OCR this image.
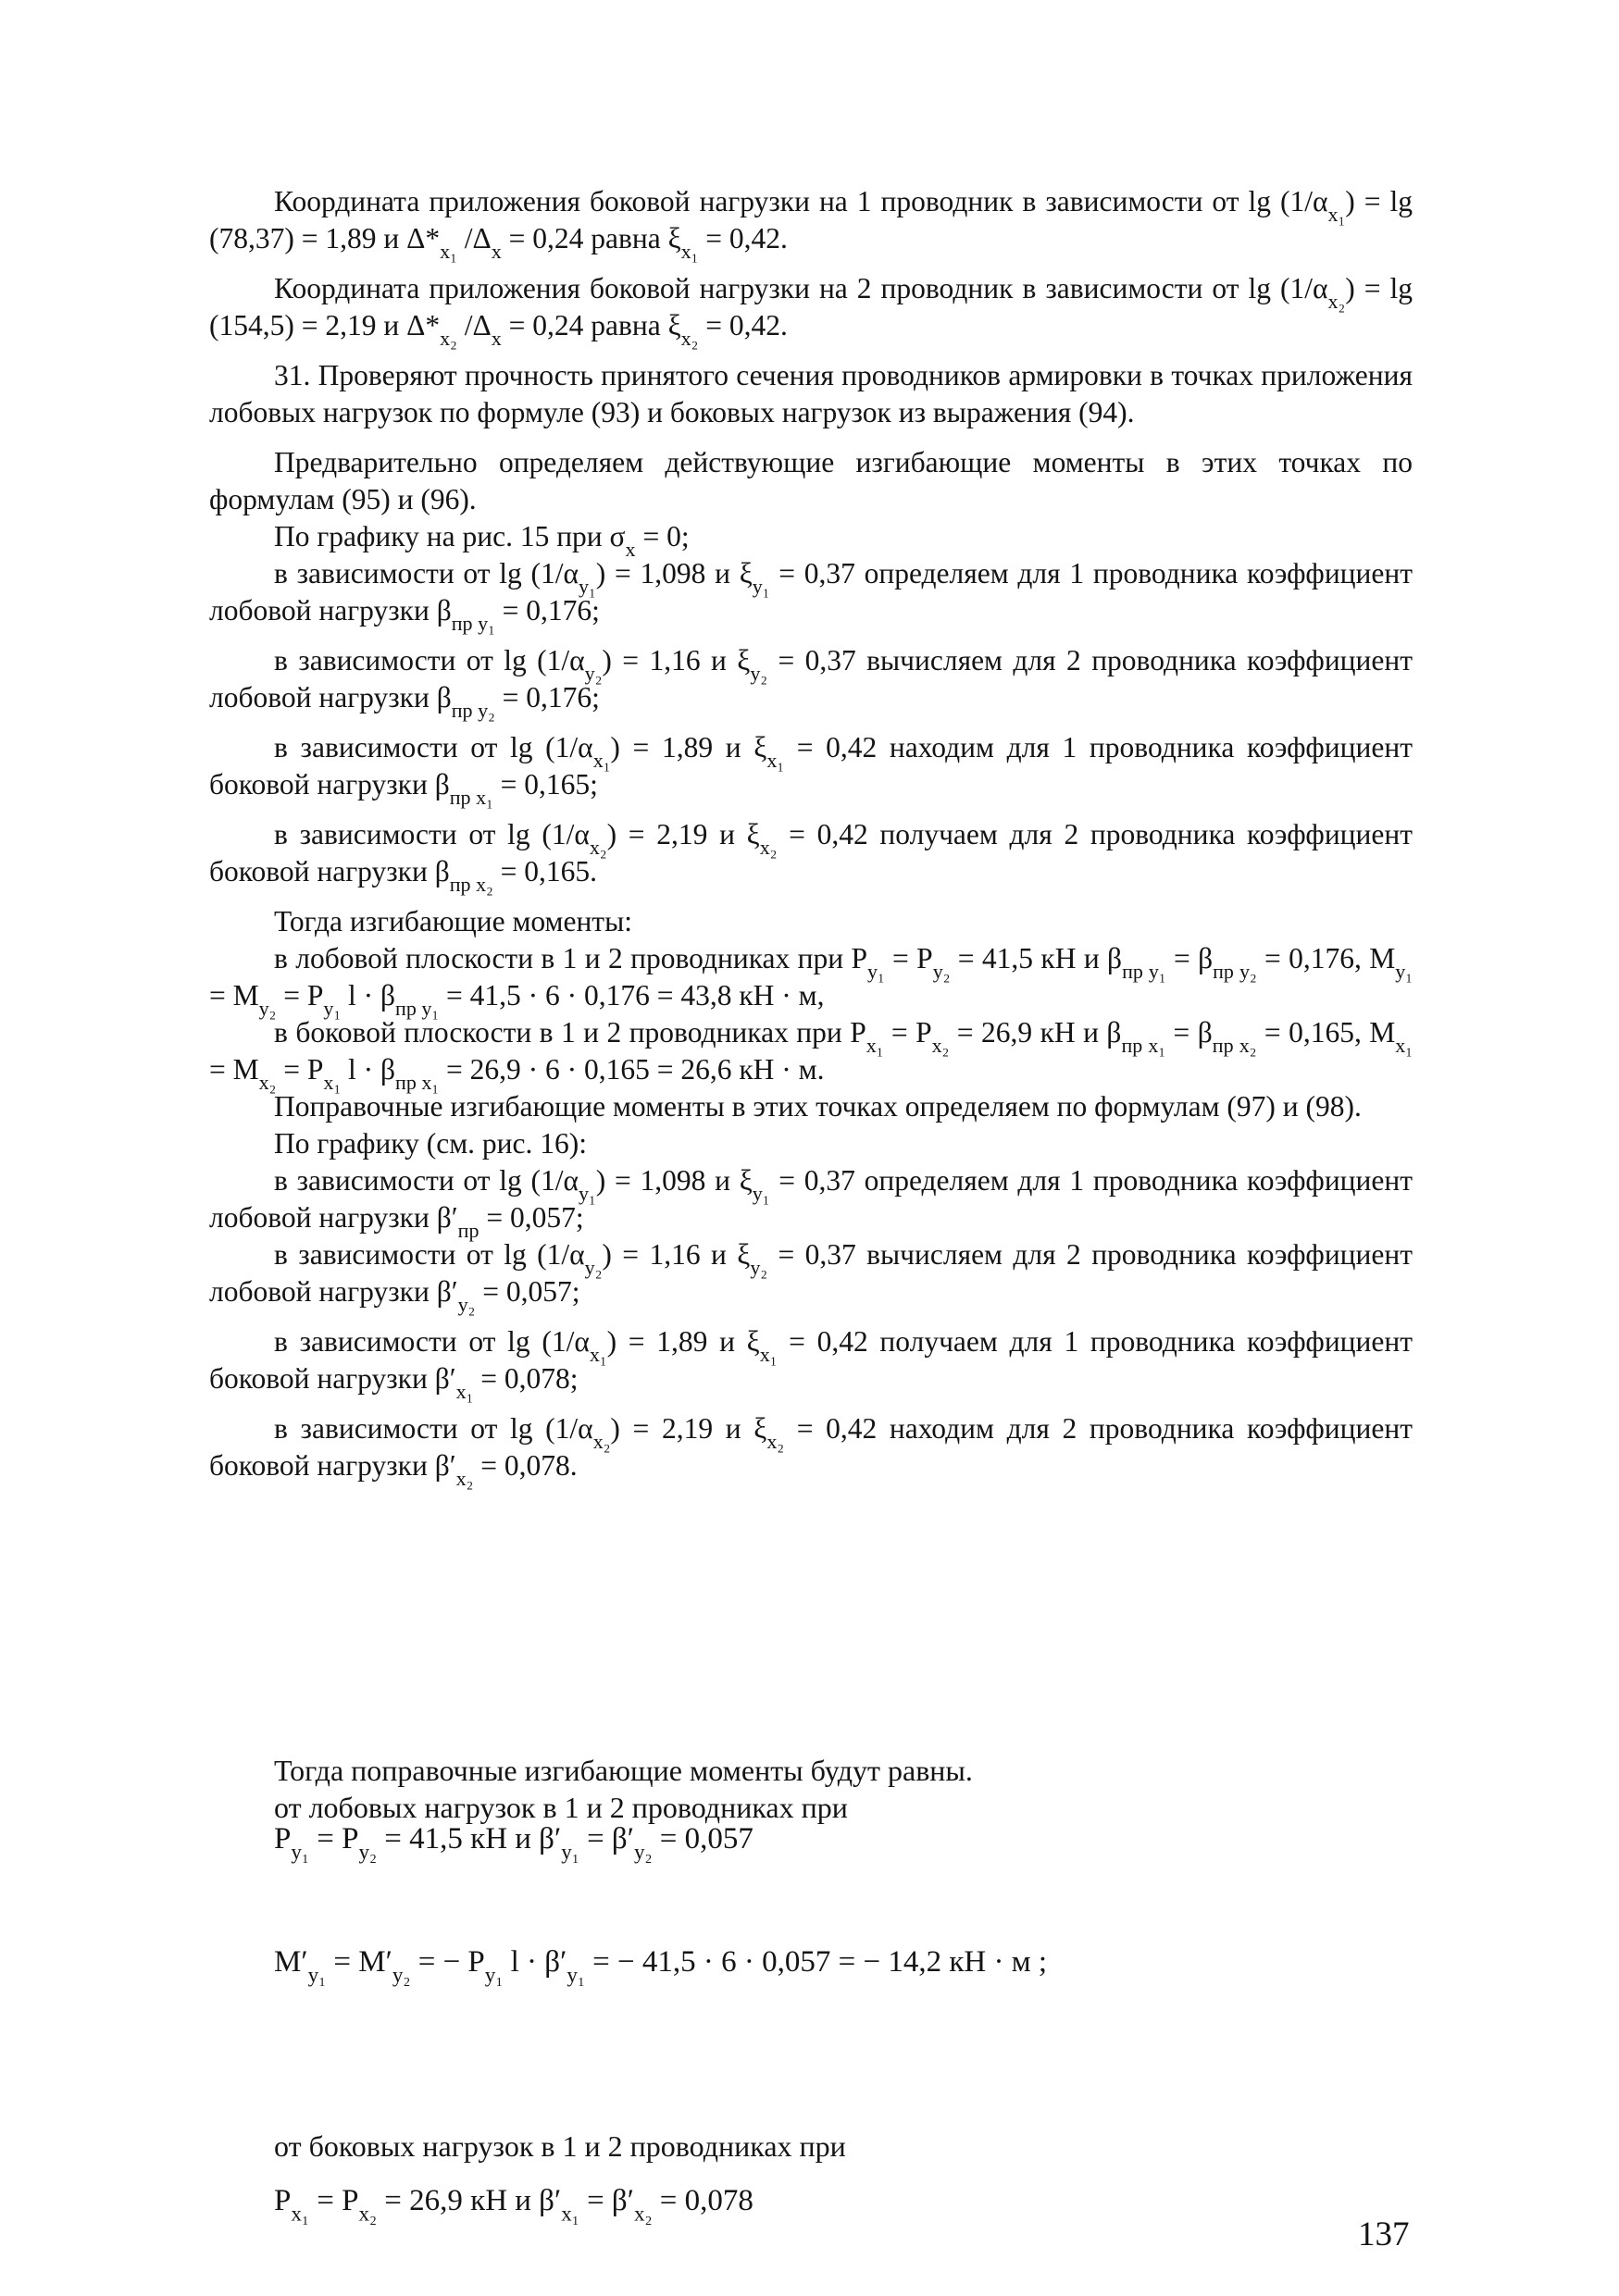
Координата приложения боковой нагрузки на 1 проводник в зависимости от $\lg (1/\alpha_{x_1}) = \lg (78,37) = 1,89$ и $\Delta*_{x_1}$ $/\Delta_x = 0,24$ равна $\xi_{x_1} = 0,42$.

Координата приложения боковой нагрузки на 2 проводник в зависимости от $\lg (1/\alpha_{x_2}) = \lg (154,5) = 2,19$ и $\Delta*_{x_2}$ $/\Delta_x = 0,24$ равна $\xi_{x_2} = 0,42$.

31. Проверяют прочность принятого сечения проводников армировки в точках приложения лобовых нагрузок по формуле (93) и боковых нагрузок из выражения (94).

Предварительно определяем действующие изгибающие моменты в этих точках по формулам (95) и (96).

По графику на рис. 15 при $\sigma_x = 0$;

в зависимости от $\lg (1/\alpha_{y_1}) = 1,098$ и $\xi_{y_1} = 0,37$ определяем для 1 проводника коэффициент лобовой нагрузки $\beta_{пр y_1} = 0,176$;

в зависимости от $\lg (1/\alpha_{y_2}) = 1,16$ и $\xi_{y_2} = 0,37$ вычисляем для 2 проводника коэффициент лобовой нагрузки $\beta_{пр y_2} = 0,176$;

в зависимости от $\lg (1/\alpha_{x_1}) = 1,89$ и $\xi_{x_1} = 0,42$ находим для 1 проводника коэффициент боковой нагрузки $\beta_{пр x_1} = 0,165$;

в зависимости от $\lg (1/\alpha_{x_2}) = 2,19$ и $\xi_{x_2} = 0,42$ получаем для 2 проводника коэффициент боковой нагрузки $\beta_{пр x_2} = 0,165$.

Тогда изгибающие моменты:

в лобовой плоскости в 1 и 2 проводниках при $P_{y_1} = P_{y_2} = 41,5$ кН и $\beta_{пр y_1} = \beta_{пр y_2} = 0,176$, $M_{y_1} = M_{y_2} = P_{y_1}$ $l \cdot \beta_{пр y_1} = 41,5 \cdot 6 \cdot 0,176 = 43,8$ кН · м,

в боковой плоскости в 1 и 2 проводниках при $P_{x_1} = P_{x_2} = 26,9$ кН и $\beta_{пр x_1} = \beta_{пр x_2} = 0,165$, $M_{x_1} = M_{x_2} = P_{x_1}$ $l \cdot \beta_{пр x_1} = 26,9 \cdot 6 \cdot 0,165 = 26,6$ кН · м.

Поправочные изгибающие моменты в этих точках определяем по формулам (97) и (98).

По графику (см. рис. 16):

в зависимости от $\lg (1/\alpha_{y_1}) = 1,098$ и $\xi_{y_1} = 0,37$ определяем для 1 проводника коэффициент лобовой нагрузки $\beta'_{пр} = 0,057$;

в зависимости от $\lg (1/\alpha_{y_2}) = 1,16$ и $\xi_{y_2} = 0,37$ вычисляем для 2 проводника коэффициент лобовой нагрузки $\beta'_{y_2} = 0,057$;

в зависимости от $\lg (1/\alpha_{x_1}) = 1,89$ и $\xi_{x_1} = 0,42$ получаем для 1 проводника коэффициент боковой нагрузки $\beta'_{x_1} = 0,078$;

в зависимости от $\lg (1/\alpha_{x_2}) = 2,19$ и $\xi_{x_2} = 0,42$ находим для 2 проводника коэффициент боковой нагрузки $\beta'_{x_2} = 0,078$.

Тогда поправочные изгибающие моменты будут равны.

от лобовых нагрузок в 1 и 2 проводниках при

$P_{y_1} = P_{y_2} = 41,5$ кН и $\beta'_{y_1} = \beta'_{y_2} = 0,057$
$M'_{y_1} = M'_{y_2}$ = − $P_{y_1}$ $l \cdot \beta'_{y_1}$ = − 41,5 · 6 · 0,057 = − 14,2 кН · м ;

от боковых нагрузок в 1 и 2 проводниках при

$P_{x_1} = P_{x_2} = 26,9$ кН и $\beta'_{x_1} = \beta'_{x_2} = 0,078$
137
